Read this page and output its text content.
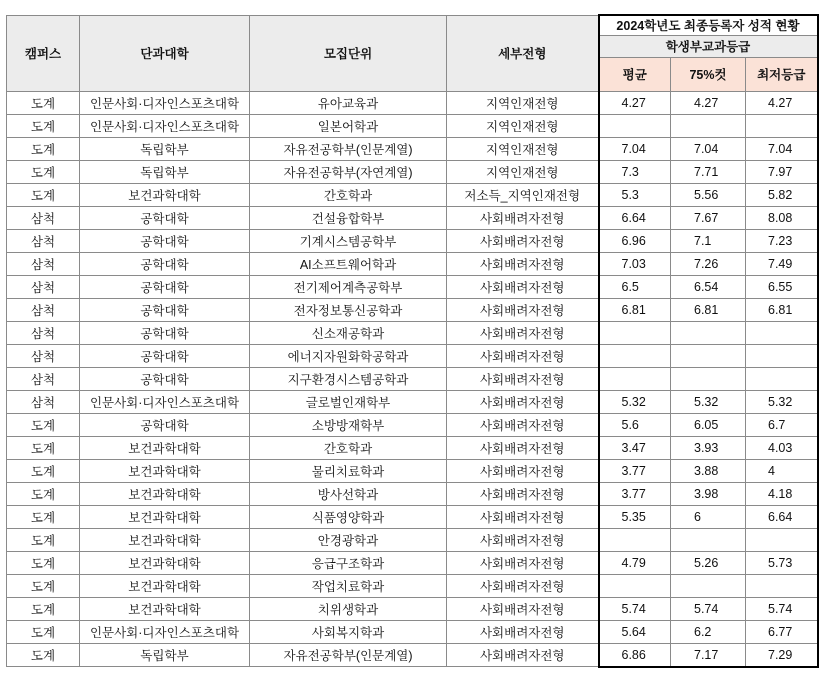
캠퍼스	단과대학	모집단위	세부전형	2024학년도 최종등록자 성적 현황		
				학생부교과등급		
				평균	75%컷	최저등급
도계	인문사회·디자인스포츠대학	유아교육과	지역인재전형	4.27	4.27	4.27
도계	인문사회·디자인스포츠대학	일본어학과	지역인재전형			
도계	독립학부	자유전공학부(인문계열)	지역인재전형	7.04	7.04	7.04
도계	독립학부	자유전공학부(자연계열)	지역인재전형	7.3	7.71	7.97
도계	보건과학대학	간호학과	저소득_지역인재전형	5.3	5.56	5.82
삼척	공학대학	건설융합학부	사회배려자전형	6.64	7.67	8.08
삼척	공학대학	기계시스템공학부	사회배려자전형	6.96	7.1	7.23
삼척	공학대학	AI소프트웨어학과	사회배려자전형	7.03	7.26	7.49
삼척	공학대학	전기제어계측공학부	사회배려자전형	6.5	6.54	6.55
삼척	공학대학	전자정보통신공학과	사회배려자전형	6.81	6.81	6.81
삼척	공학대학	신소재공학과	사회배려자전형			
삼척	공학대학	에너지자원화학공학과	사회배려자전형			
삼척	공학대학	지구환경시스템공학과	사회배려자전형			
삼척	인문사회·디자인스포츠대학	글로벌인재학부	사회배려자전형	5.32	5.32	5.32
도계	공학대학	소방방재학부	사회배려자전형	5.6	6.05	6.7
도계	보건과학대학	간호학과	사회배려자전형	3.47	3.93	4.03
도계	보건과학대학	물리치료학과	사회배려자전형	3.77	3.88	4
도계	보건과학대학	방사선학과	사회배려자전형	3.77	3.98	4.18
도계	보건과학대학	식품영양학과	사회배려자전형	5.35	6	6.64
도계	보건과학대학	안경광학과	사회배려자전형			
도계	보건과학대학	응급구조학과	사회배려자전형	4.79	5.26	5.73
도계	보건과학대학	작업치료학과	사회배려자전형			
도계	보건과학대학	치위생학과	사회배려자전형	5.74	5.74	5.74
도계	인문사회·디자인스포츠대학	사회복지학과	사회배려자전형	5.64	6.2	6.77
도계	독립학부	자유전공학부(인문계열)	사회배려자전형	6.86	7.17	7.29
